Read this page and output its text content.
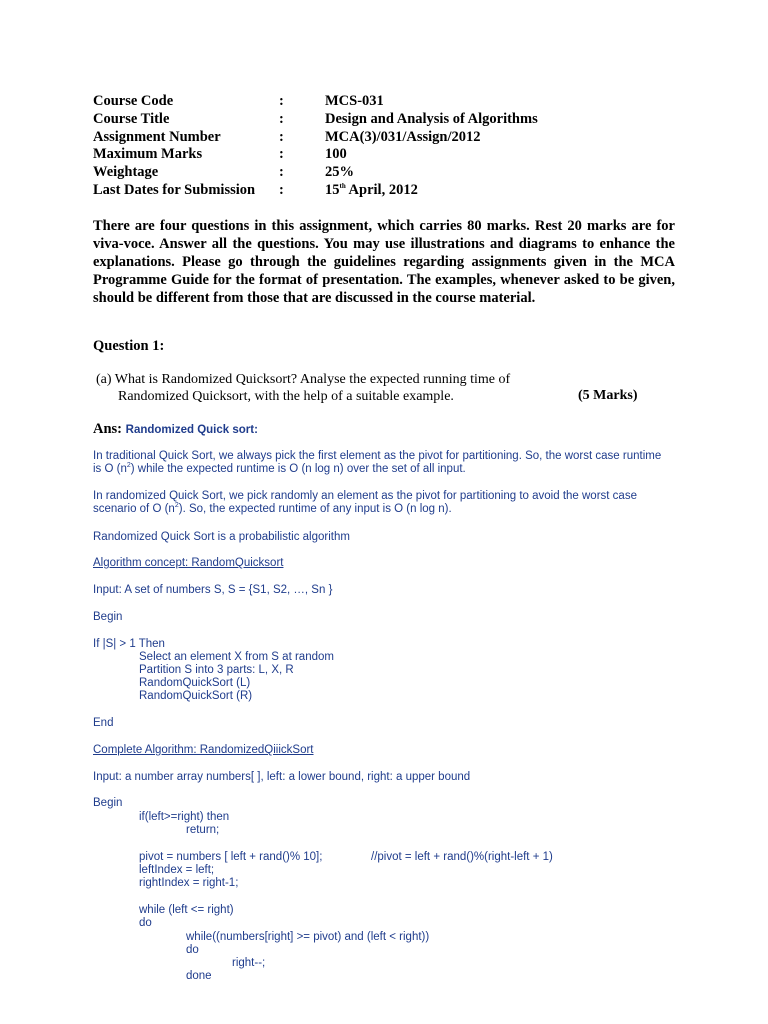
Course Code	:	MCS-031
Course Title	:	Design and Analysis of Algorithms
Assignment Number	:	MCA(3)/031/Assign/2012
Maximum Marks	:	100
Weightage	:	25%
Last Dates for Submission :	15th April, 2012

There are four questions in this assignment, which carries 80 marks. Rest 20 marks are for viva-voce. Answer all the questions. You may use illustrations and diagrams to enhance the explanations. Please go through the guidelines regarding assignments given in the MCA Programme Guide for the format of presentation. The examples, whenever asked to be given, should be different from those that are discussed in the course material.

Question 1:
(a) What is Randomized Quicksort? Analyse the expected running time of
Randomized Quicksort, with the help of a suitable example.	(5 Marks)
Ans: Randomized Quick sort:
In traditional Quick Sort, we always pick the first element as the pivot for partitioning. So, the worst case runtime
is O $(n^2)$ while the expected runtime is O (n log n) over the set of all input.
In randomized Quick Sort, we pick randomly an element as the pivot for partitioning to avoid the worst case
scenario of O $(n^2)$. So, the expected runtime of any input is O (n log n).
Randomized Quick Sort is a probabilistic algorithm
Algorithm concept: RandomQuicksort
Input: A set of numbers S, S = {S1, S2, …, Sn }
Begin
If |S| > 1 Then
Select an element X from S at random
Partition S into 3 parts: L, X, R
RandomQuickSort (L)
RandomQuickSort (R)
End
Complete Algorithm: RandomizedQiiickSort
Input: a number array numbers[ ], left: a lower bound, right: a upper bound
Begin
if(left>=right) then
return;
pivot = numbers [ left + rand()% 10];	//pivot = left + rand()%(right-left + 1)
leftIndex = left;
rightIndex = right-1;
while (left <= right)
do
while((numbers[right] >= pivot) and (left < right))
do
right--;
done
